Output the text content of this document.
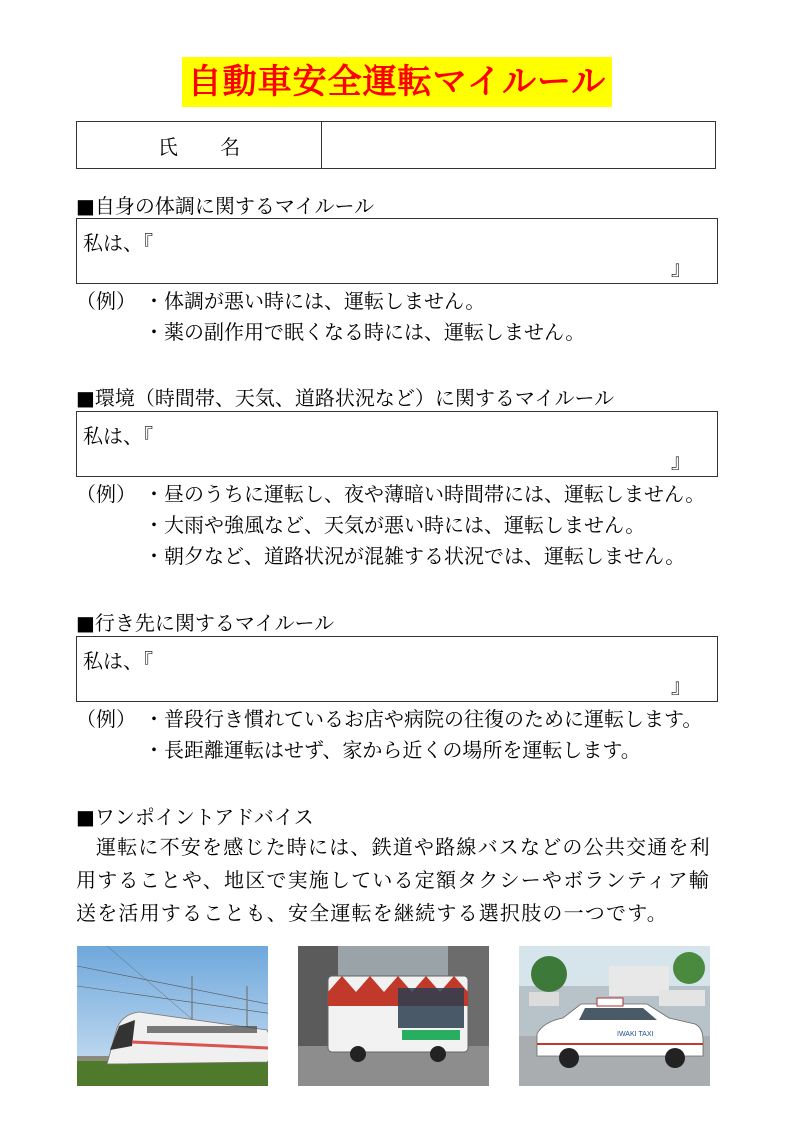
自動車安全運転マイルール
氏 名
■自身の体調に関するマイルール
私は、『
』
（例） ・体調が悪い時には、運転しません。
・薬の副作用で眠くなる時には、運転しません。
■環境（時間帯、天気、道路状況など）に関するマイルール
私は、『
』
（例） ・昼のうちに運転し、夜や薄暗い時間帯には、運転しません。
・大雨や強風など、天気が悪い時には、運転しません。
・朝夕など、道路状況が混雑する状況では、運転しません。
■行き先に関するマイルール
私は、『
』
（例） ・普段行き慣れているお店や病院の往復のために運転します。
・長距離運転はせず、家から近くの場所を運転します。
■ワンポイントアドバイス
運転に不安を感じた時には、鉄道や路線バスなどの公共交通を利用することや、地区で実施している定額タクシーやボランティア輸送を活用することも、安全運転を継続する選択肢の一つです。
IWAKI TAXI
